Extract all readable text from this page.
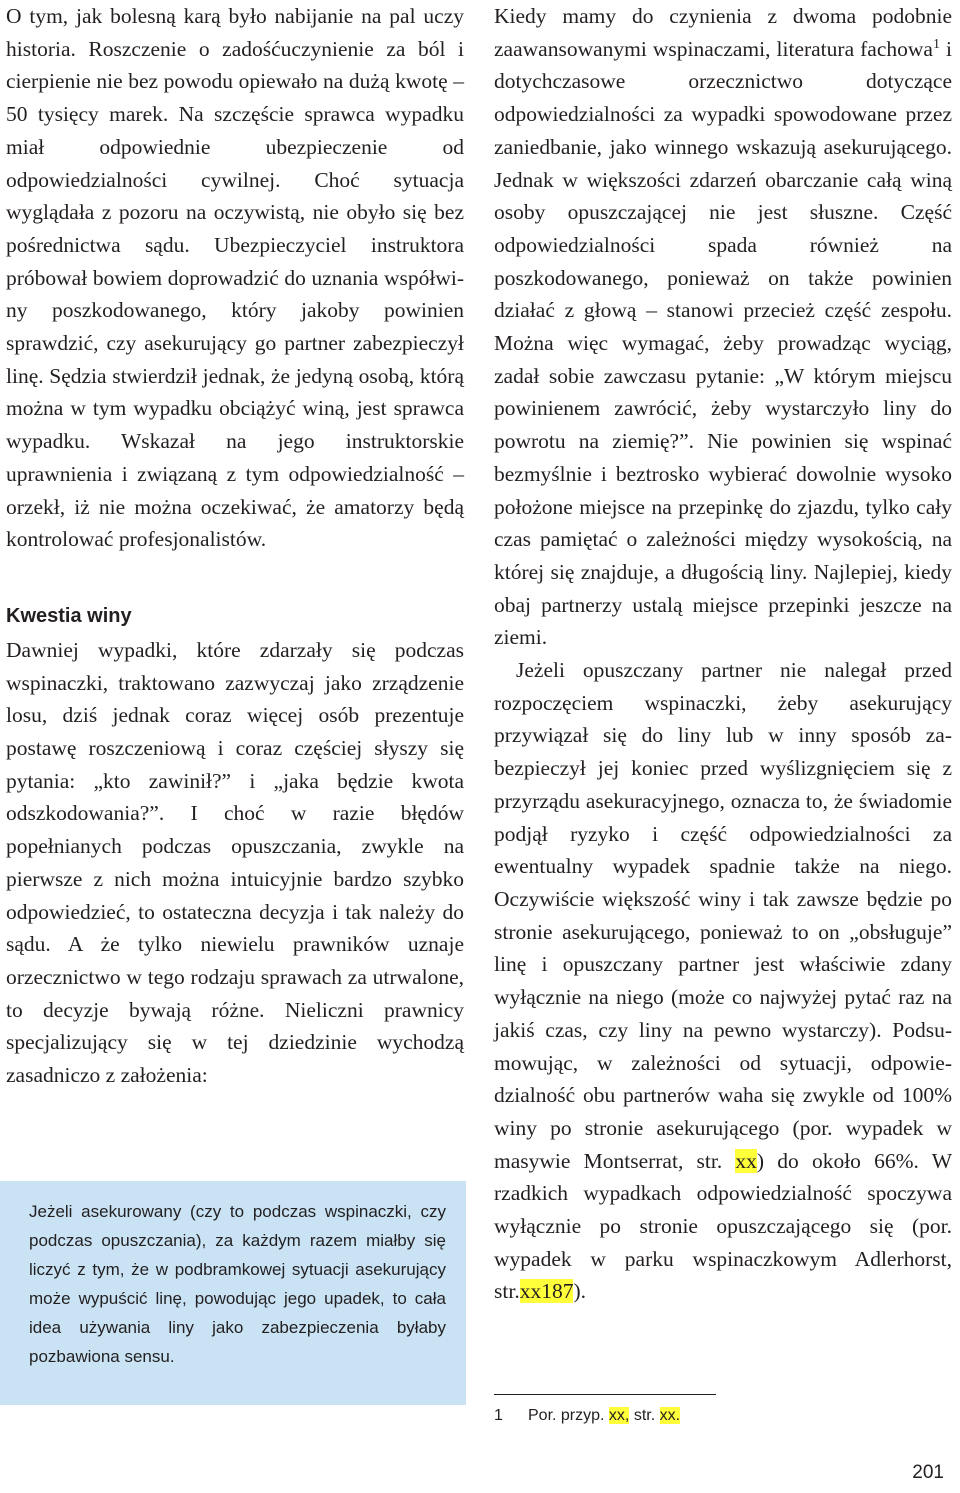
O tym, jak bolesną karą było nabijanie na pal uczy historia. Roszczenie o zadośćuczynienie za ból i cierpienie nie bez powodu opiewało na dużą kwotę – 50 tysięcy marek. Na szczęście sprawca wypadku miał odpowiednie ubezpieczenie od odpowiedzialności cywilnej. Choć sytuacja wyglądała z pozoru na oczywistą, nie obyło się bez pośrednictwa sądu. Ubezpieczyciel instruktora próbował bowiem doprowadzić do uznania współwiny poszkodowanego, który jakoby powinien sprawdzić, czy asekurujący go partner zabezpieczył linę. Sędzia stwierdził jednak, że jedyną osobą, którą można w tym wypadku obciążyć winą, jest sprawca wypadku. Wskazał na jego instruktorskie uprawnienia i związaną z tym odpowiedzialność – orzekł, iż nie można oczekiwać, że amatorzy będą kontrolować profesjonalistów.

Kwestia winy

Dawniej wypadki, które zdarzały się podczas wspinaczki, traktowano zazwyczaj jako zrządzenie losu, dziś jednak coraz więcej osób prezentuje postawę roszczeniową i coraz częściej słyszy się pytania: „kto zawinił?” i „jaka będzie kwota odszkodowania?”. I choć w razie błędów popełnianych podczas opuszczania, zwykle na pierwsze z nich można intuicyjnie bardzo szybko odpowiedzieć, to ostateczna decyzja i tak należy do sądu. A że tylko niewielu prawników uznaje orzecznictwo w tego rodzaju sprawach za utrwalone, to decyzje bywają różne. Nieliczni prawnicy specjalizujący się w tej dziedzinie wychodzą zasadniczo z założenia:

Jeżeli asekurowany (czy to podczas wspinaczki, czy podczas opuszczania), za każdym razem miałby się liczyć z tym, że w podbramkowej sytuacji asekurujący może wypuścić linę, powodując jego upadek, to cała idea używania liny jako zabezpieczenia byłaby pozbawiona sensu.

Kiedy mamy do czynienia z dwoma podobnie zaawansowanymi wspinaczami, literatura fachowa$^1$ i dotychczasowe orzecznictwo dotyczące odpowiedzialności za wypadki spowodowane przez zaniedbanie, jako winnego wskazują asekurującego. Jednak w większości zdarzeń obarczanie całą winą osoby opuszczającej nie jest słuszne. Część odpowiedzialności spada również na poszkodowanego, ponieważ on także powinien działać z głową – stanowi przecież część zespołu. Można więc wymagać, żeby prowadząc wyciąg, zadał sobie zawczasu pytanie: „W którym miejscu powinienem zawrócić, żeby wystarczyło liny do powrotu na ziemię?”. Nie powinien się wspinać bezmyślnie i beztrosko wybierać dowolnie wysoko położone miejsce na przepinkę do zjazdu, tylko cały czas pamiętać o zależności między wysokością, na której się znajduje, a długością liny. Najlepiej, kiedy obaj partnerzy ustalą miejsce przepinki jeszcze na ziemi.

Jeżeli opuszczany partner nie nalegał przed rozpoczęciem wspinaczki, żeby asekurujący przywiązał się do liny lub w inny sposób zabezpieczył jej koniec przed wyślizgnięciem się z przyrządu asekuracyjnego, oznacza to, że świadomie podjął ryzyko i część odpowiedzialności za ewentualny wypadek spadnie także na niego. Oczywiście większość winy i tak zawsze będzie po stronie asekurującego, ponieważ to on „obsługuje” linę i opuszczany partner jest właściwie zdany wyłącznie na niego (może co najwyżej pytać raz na jakiś czas, czy liny na pewno wystarczy). Podsumowując, w zależności od sytuacji, odpowiedzialność obu partnerów waha się zwykle od 100% winy po stronie asekurującego (por. wypadek w masywie Montserrat, str. xx) do około 66%. W rzadkich wypadkach odpowiedzialność spoczywa wyłącznie po stronie opuszczającego się (por. wypadek w parku wspinaczkowym Adlerhorst, str.xx187).

1 Por. przyp. xx, str. xx.
201
